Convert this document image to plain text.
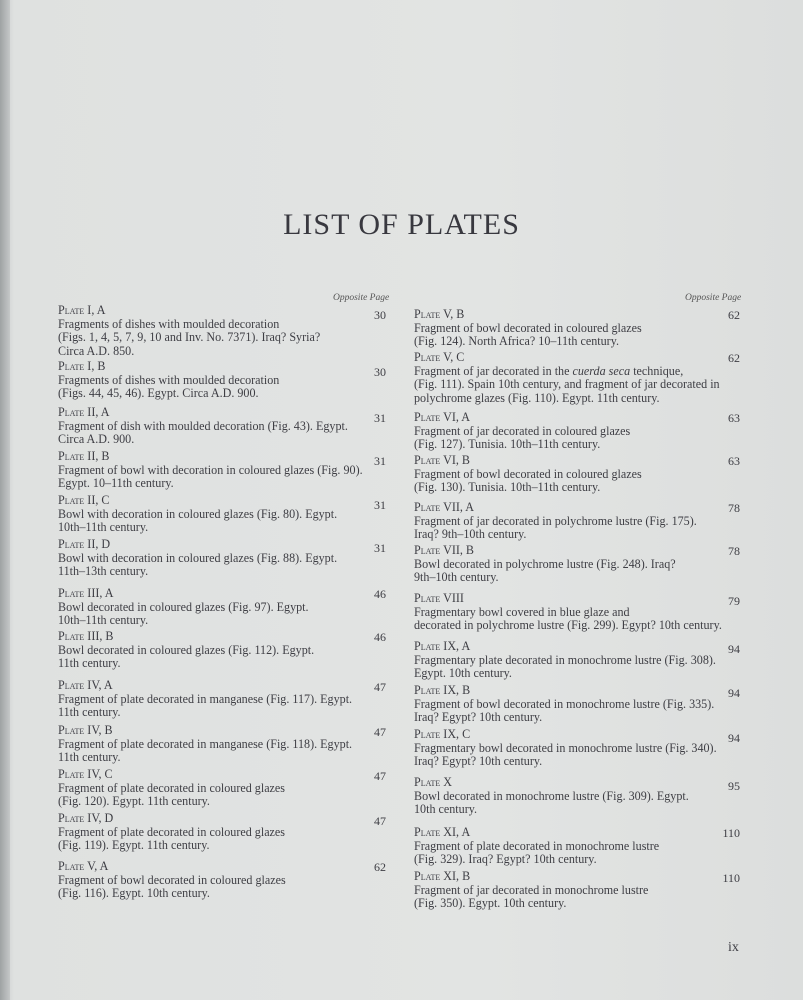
LIST OF PLATES
Opposite Page	Opposite Page
Plate I, A
Fragments of dishes with moulded decoration
(Figs. 1, 4, 5, 7, 9, 10 and Inv. No. 7371). Iraq? Syria?
Circa A.D. 850.
30
Plate I, B
Fragments of dishes with moulded decoration
(Figs. 44, 45, 46). Egypt. Circa A.D. 900.
30
Plate II, A
Fragment of dish with moulded decoration (Fig. 43). Egypt.
Circa A.D. 900.
31
Plate II, B
Fragment of bowl with decoration in coloured glazes (Fig. 90).
Egypt. 10–11th century.
31
Plate II, C
Bowl with decoration in coloured glazes (Fig. 80). Egypt.
10th–11th century.
31
Plate II, D
Bowl with decoration in coloured glazes (Fig. 88). Egypt.
11th–13th century.
31
Plate III, A
Bowl decorated in coloured glazes (Fig. 97). Egypt.
10th–11th century.
46
Plate III, B
Bowl decorated in coloured glazes (Fig. 112). Egypt.
11th century.
46
Plate IV, A
Fragment of plate decorated in manganese (Fig. 117). Egypt.
11th century.
47
Plate IV, B
Fragment of plate decorated in manganese (Fig. 118). Egypt.
11th century.
47
Plate IV, C
Fragment of plate decorated in coloured glazes
(Fig. 120). Egypt. 11th century.
47
Plate IV, D
Fragment of plate decorated in coloured glazes
(Fig. 119). Egypt. 11th century.
47
Plate V, A
Fragment of bowl decorated in coloured glazes
(Fig. 116). Egypt. 10th century.
62
Plate V, B
Fragment of bowl decorated in coloured glazes
(Fig. 124). North Africa? 10–11th century.
62
Plate V, C
Fragment of jar decorated in the cuerda seca technique,
(Fig. 111). Spain 10th century, and fragment of jar decorated in
polychrome glazes (Fig. 110). Egypt. 11th century.
62
Plate VI, A
Fragment of jar decorated in coloured glazes
(Fig. 127). Tunisia. 10th–11th century.
63
Plate VI, B
Fragment of bowl decorated in coloured glazes
(Fig. 130). Tunisia. 10th–11th century.
63
Plate VII, A
Fragment of jar decorated in polychrome lustre (Fig. 175).
Iraq? 9th–10th century.
78
Plate VII, B
Bowl decorated in polychrome lustre (Fig. 248). Iraq?
9th–10th century.
78
Plate VIII
Fragmentary bowl covered in blue glaze and
decorated in polychrome lustre (Fig. 299). Egypt? 10th century.
79
Plate IX, A
Fragmentary plate decorated in monochrome lustre (Fig. 308).
Egypt. 10th century.
94
Plate IX, B
Fragment of bowl decorated in monochrome lustre (Fig. 335).
Iraq? Egypt? 10th century.
94
Plate IX, C
Fragmentary bowl decorated in monochrome lustre (Fig. 340).
Iraq? Egypt? 10th century.
94
Plate X
Bowl decorated in monochrome lustre (Fig. 309). Egypt.
10th century.
95
Plate XI, A
Fragment of plate decorated in monochrome lustre
(Fig. 329). Iraq? Egypt? 10th century.
110
Plate XI, B
Fragment of jar decorated in monochrome lustre
(Fig. 350). Egypt. 10th century.
110
ix
